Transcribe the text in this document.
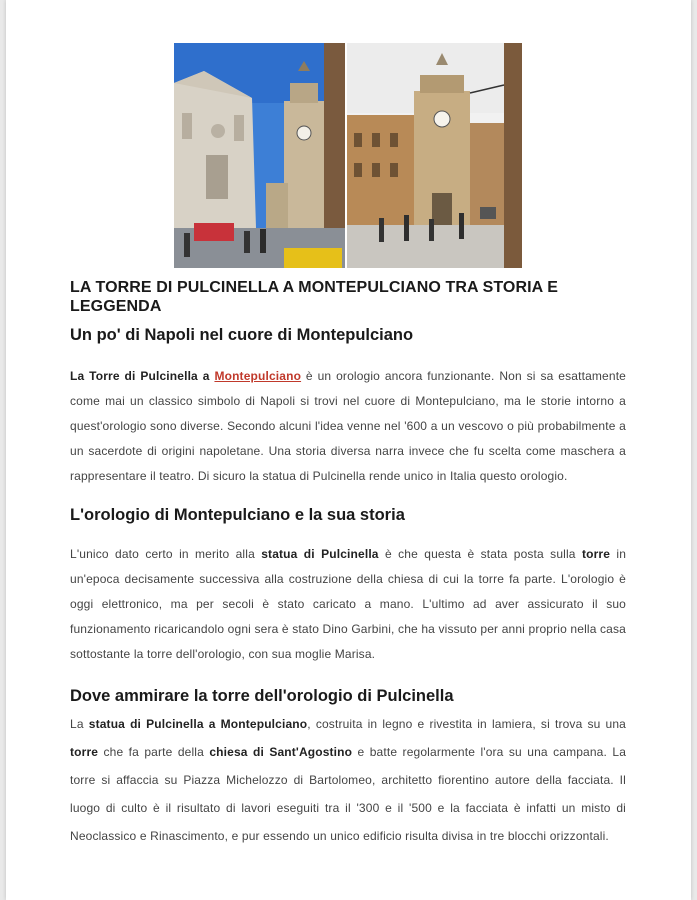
LA TORRE DI PULCINELLA A MONTEPULCIANO TRA STORIA E LEGGENDA
Un po' di Napoli nel cuore di Montepulciano

La Torre di Pulcinella a Montepulciano è un orologio ancora funzionante. Non si sa esattamente come mai un classico simbolo di Napoli si trovi nel cuore di Montepulciano, ma le storie intorno a quest'orologio sono diverse. Secondo alcuni l'idea venne nel '600 a un vescovo o più probabilmente a un sacerdote di origini napoletane. Una storia diversa narra invece che fu scelta come maschera a rappresentare il teatro. Di sicuro la statua di Pulcinella rende unico in Italia questo orologio.

L'orologio di Montepulciano e la sua storia

L'unico dato certo in merito alla statua di Pulcinella è che questa è stata posta sulla torre in un'epoca decisamente successiva alla costruzione della chiesa di cui la torre fa parte. L'orologio è oggi elettronico, ma per secoli è stato caricato a mano. L'ultimo ad aver assicurato il suo funzionamento ricaricandolo ogni sera è stato Dino Garbini, che ha vissuto per anni proprio nella casa sottostante la torre dell'orologio, con sua moglie Marisa.

Dove ammirare la torre dell'orologio di Pulcinella

La statua di Pulcinella a Montepulciano, costruita in legno e rivestita in lamiera, si trova su una torre che fa parte della chiesa di Sant'Agostino e batte regolarmente l'ora su una campana. La torre si affaccia su Piazza Michelozzo di Bartolomeo, architetto fiorentino autore della facciata. Il luogo di culto è il risultato di lavori eseguiti tra il '300 e il '500 e la facciata è infatti un misto di Neoclassico e Rinascimento, e pur essendo un unico edificio risulta divisa in tre blocchi orizzontali.
